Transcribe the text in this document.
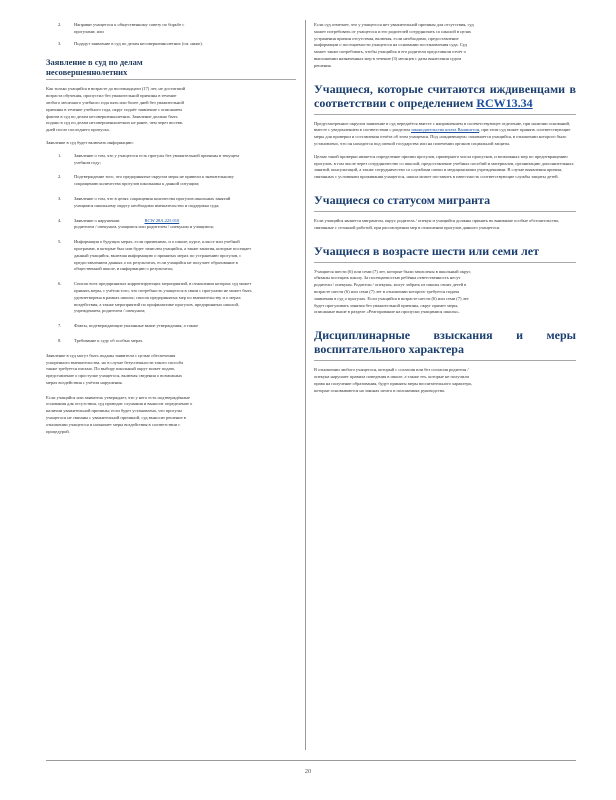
2.	Направят учащегося к общественному совету по борьбе с прогулами; или
3.	Подадут заявление в суд по делам несовершеннолетних (см. ниже).
Заявление в суд по делам несовершеннолетних
Как только учащийся в возрасте до восемнадцати (17) лет, не достигший возраста обучения, пропустил без уважительной причины в течение любого месячного учебного года пять или более дней без уважительной причины в течение учебного года, округ подаёт заявление с описанием фактов в суд по делам несовершеннолетних. Заявление должно быть подано в суд по делам несовершеннолетних не ранее, чем через восемь дней после последнего пропуска.
Заявление в суд будет включать информацию:
1.	Заявление о том, что у учащегося есть прогулы без уважительной причины в текущем учебном году;
2.	Подтверждение того, что предпринятые округом меры не привели к значительному сокращению количества прогулов школьника к данной ситуации;
3.	Заявление о том, что в целях сокращения количества прогулов школьных занятий учащимся школьному округу необходимо вмешательство и поддержка суда;
4.	Заявление о нарушении	RCW 28A.225.010
родителем / опекуном, учащимся или родителем / опекуном и учащимся;
5.	Информация о будущих мерах, если применимо, и о школе, курсе, классе или учебной программе, в которые был или будет зачислен учащийся, а также занятия, которые посещает данный учащийся, включая информацию о принятых мерах по устранению прогулов, с предоставлением данных о их результатах, если учащийся не получает образование в общественной школе, и информацию о результатах;
6.	Список всех предпринятых корректирующих мероприятий, в отношении которых суд может принять меры, с учётом того, что потребность учащегося в связи с прогулами не может быть удовлетворена в рамках школы; список предпринятых мер по вмешательству и о мерах воздействия, а также мероприятий по профилактике прогулов, предпринятых школой, учреждением, родителем / опекуном;
7.	Факты, подтверждающие указанные выше утверждения; а также
8.	Требование к суду об особых мерах.
Заявление в суд могут быть поданы заявители с целью обеспечения ускоренного вмешательства, но в случае безуспешности такого способа также требуется письмо. По выбору школьный округ может подать представление о проступке учащегося, включая сведения о возможных мерах воздействия с учётом нарушения.
Если учащийся или заявитель утверждает, что у него есть подтверждённые основания для отсутствия, суд проводит слушания и выносит определение о наличии уважительной причины; если будет установлено, что прогулы учащегося не связаны с уважительной причиной, суд выносит решение в отношении учащегося и назначает меры воздействия в соответствии с процедурой.
Если суд отмечает, что у учащегося нет уважительной причины для отсутствия, суд может потребовать от учащегося и его родителей сотрудничать со школой в целях устранения причин отсутствия, включая, если необходимо, предоставление информации о посещаемости учащегося на основании постановления суда. Суд может также потребовать, чтобы учащийся и его родители представили отчёт о выполнении назначенных мер в течение (3) месяцев с даты вынесения судом решения.
Учащиеся, которые считаются иждивенцами в соответствии с определением RCW13.34
Предусмотренное округом заявление в суд передаётся вместе с направлением в соответствующее отделение, при наличии оснований, вместе с уведомлением в соответствии с разделом законодательства штата Вашингтон, при этом суд может принять соответствующие меры для проверки и составления отчёта об этом учащемся. Под «иждивенцем» понимается учащийся, в отношении которого было установлено, что он находится под опекой государства или на попечении органов социальной защиты.
Целью такой проверки является определение причин прогулов, примерного числа пропусков, и возможных мер по предотвращению прогулов, в том числе через сотрудничество со школой, предоставление учебных пособий и материалов, организацию дополнительных занятий, консультаций, а также сотрудничество со службами опеки и медицинскими учреждениями. В случае выявления причин, связанных с условиями проживания учащегося, школа может поставить в известность соответствующие службы защиты детей.
Учащиеся со статусом мигранта
Если учащийся является мигрантом, округ, родитель / опекун и учащийся должны принять во внимание особые обстоятельства, связанные с сезонной работой, при рассмотрении мер в отношении прогулов данного учащегося.
Учащиеся в возрасте шести или семи лет
Учащиеся шести (6) или семи (7) лет, которые были зачислены в школьный округ, обязаны посещать школу. За посещаемостью ребёнка ответственность несут родители / опекуны. Родители / опекуны, могут забрать из школы своих детей в возрасте шести (6) или семи (7) лет в отношении которого требуется подача заявления в суд о прогулах. Если учащийся в возрасте шести (6) или семи (7) лет будет прогуливать занятия без уважительной причины, округ примет меры, описанные выше в разделе «Реагирование на пропуски учащимися школы».
Дисциплинарные взыскания и меры воспитательного характера
В отношении любого учащегося, который с согласия или без согласия родителя / опекуна нарушает правила поведения в школе, а также тех, которые не получили права на получение образования, будут приняты меры воспитательного характера, которые основываются на законах штата и положениях руководства.
20
